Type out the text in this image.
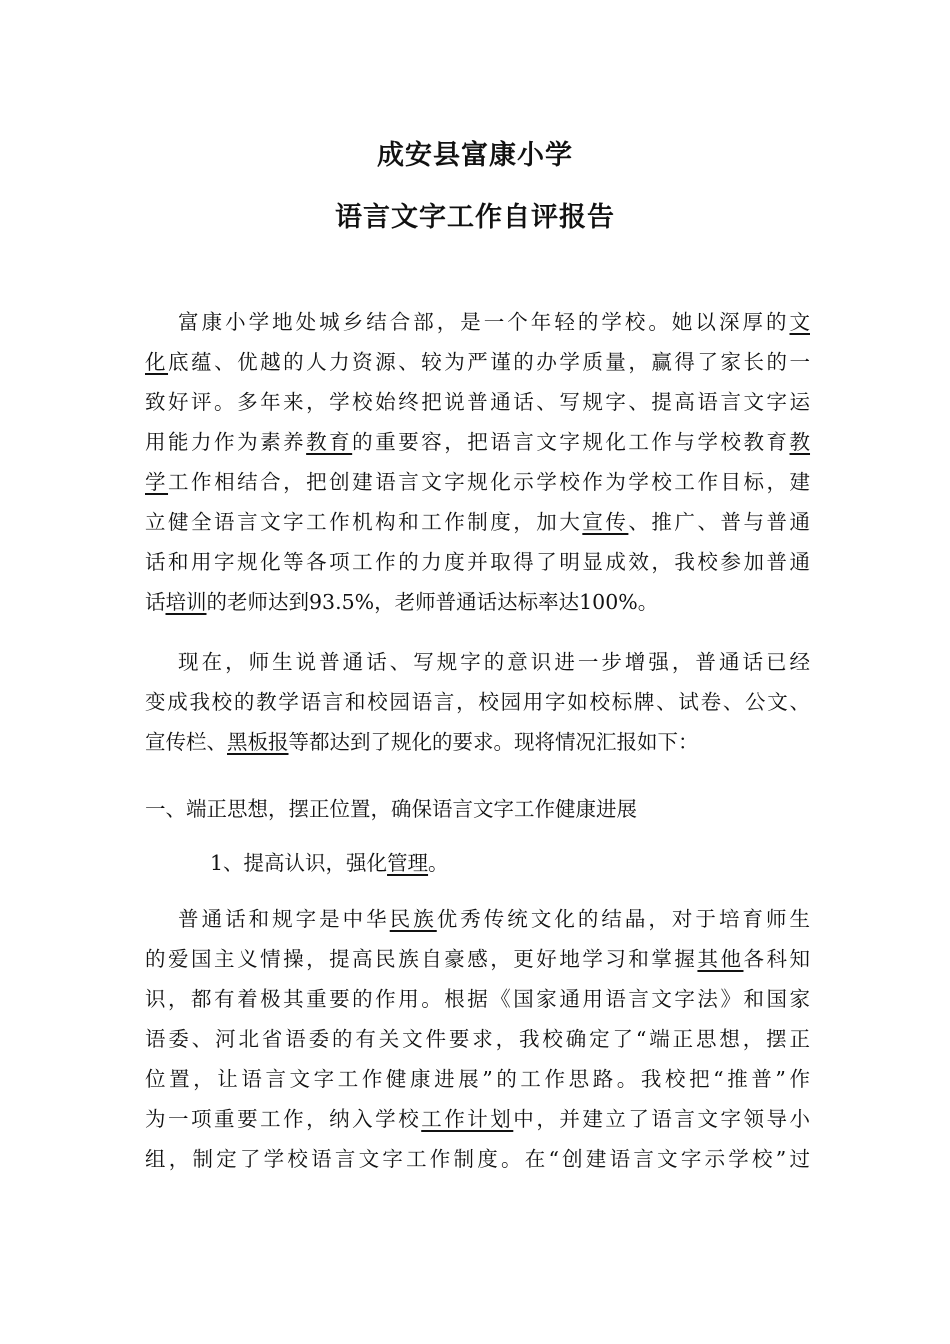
成安县富康小学
语言文字工作自评报告

　 富康小学地处城乡结合部，是一个年轻的学校。她以深厚的文
化底蕴、优越的人力资源、较为严谨的办学质量，赢得了家长的一
致好评。多年来，学校始终把说普通话、写规字、提高语言文字运
用能力作为素养教育的重要容，把语言文字规化工作与学校教育教
学工作相结合，把创建语言文字规化示学校作为学校工作目标，建
立健全语言文字工作机构和工作制度，加大宣传、推广、普与普通
话和用字规化等各项工作的力度并取得了明显成效，我校参加普通
话培训的老师达到93.5%，老师普通话达标率达100%。

　 现在，师生说普通话、写规字的意识进一步增强，普通话已经
变成我校的教学语言和校园语言，校园用字如校标牌、试卷、公文、
宣传栏、黑板报等都达到了规化的要求。现将情况汇报如下：

一、端正思想，摆正位置，确保语言文字工作健康进展

1、提高认识，强化管理。

　 普通话和规字是中华民族优秀传统文化的结晶，对于培育师生
的爱国主义情操，提高民族自豪感，更好地学习和掌握其他各科知
识，都有着极其重要的作用。根据《国家通用语言文字法》和国家
语委、河北省语委的有关文件要求，我校确定了“端正思想，摆正
位置，让语言文字工作健康进展”的工作思路。我校把“推普”作
为一项重要工作，纳入学校工作计划中，并建立了语言文字领导小
组，制定了学校语言文字工作制度。在“创建语言文字示学校”过
